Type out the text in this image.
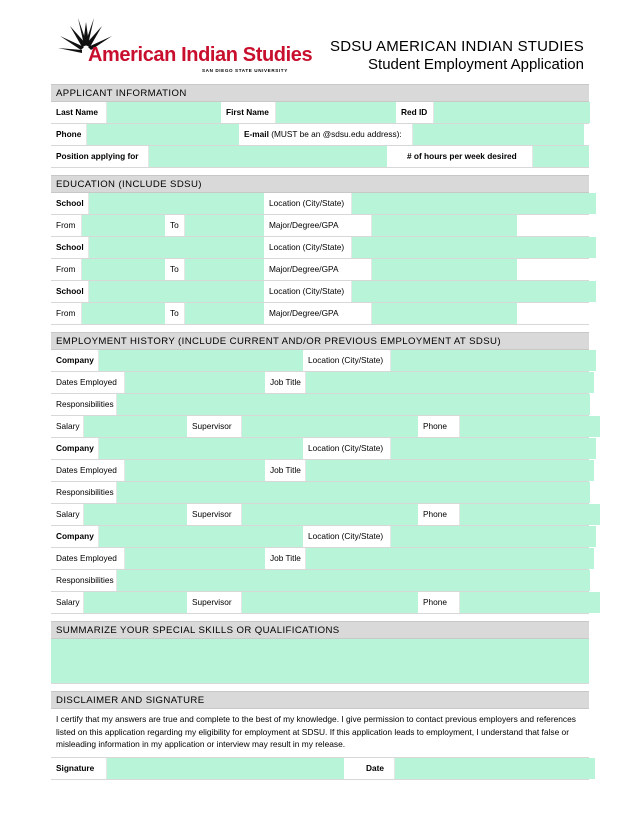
American Indian Studies
SAN DIEGO STATE UNIVERSITY
SDSU AMERICAN INDIAN STUDIES
Student Employment Application
APPLICANT INFORMATION
Last Name	First Name	Red ID
Phone	E-mail (MUST be an @sdsu.edu address):
Position applying for	# of hours per week desired
EDUCATION (INCLUDE SDSU)
School	Location (City/State)
From	To	Major/Degree/GPA
School	Location (City/State)
From	To	Major/Degree/GPA
School	Location (City/State)
From	To	Major/Degree/GPA
EMPLOYMENT HISTORY (INCLUDE CURRENT AND/OR PREVIOUS EMPLOYMENT AT SDSU)
Company	Location (City/State)
Dates Employed	Job Title
Responsibilities
Salary	Supervisor	Phone
Company	Location (City/State)
Dates Employed	Job Title
Responsibilities
Salary	Supervisor	Phone
Company	Location (City/State)
Dates Employed	Job Title
Responsibilities
Salary	Supervisor	Phone
SUMMARIZE YOUR SPECIAL SKILLS OR QUALIFICATIONS
DISCLAIMER AND SIGNATURE
I certify that my answers are true and complete to the best of my knowledge. I give permission to contact previous employers and references listed on this application regarding my eligibility for employment at SDSU. If this application leads to employment, I understand that false or misleading information in my application or interview may result in my release.
Signature	Date
